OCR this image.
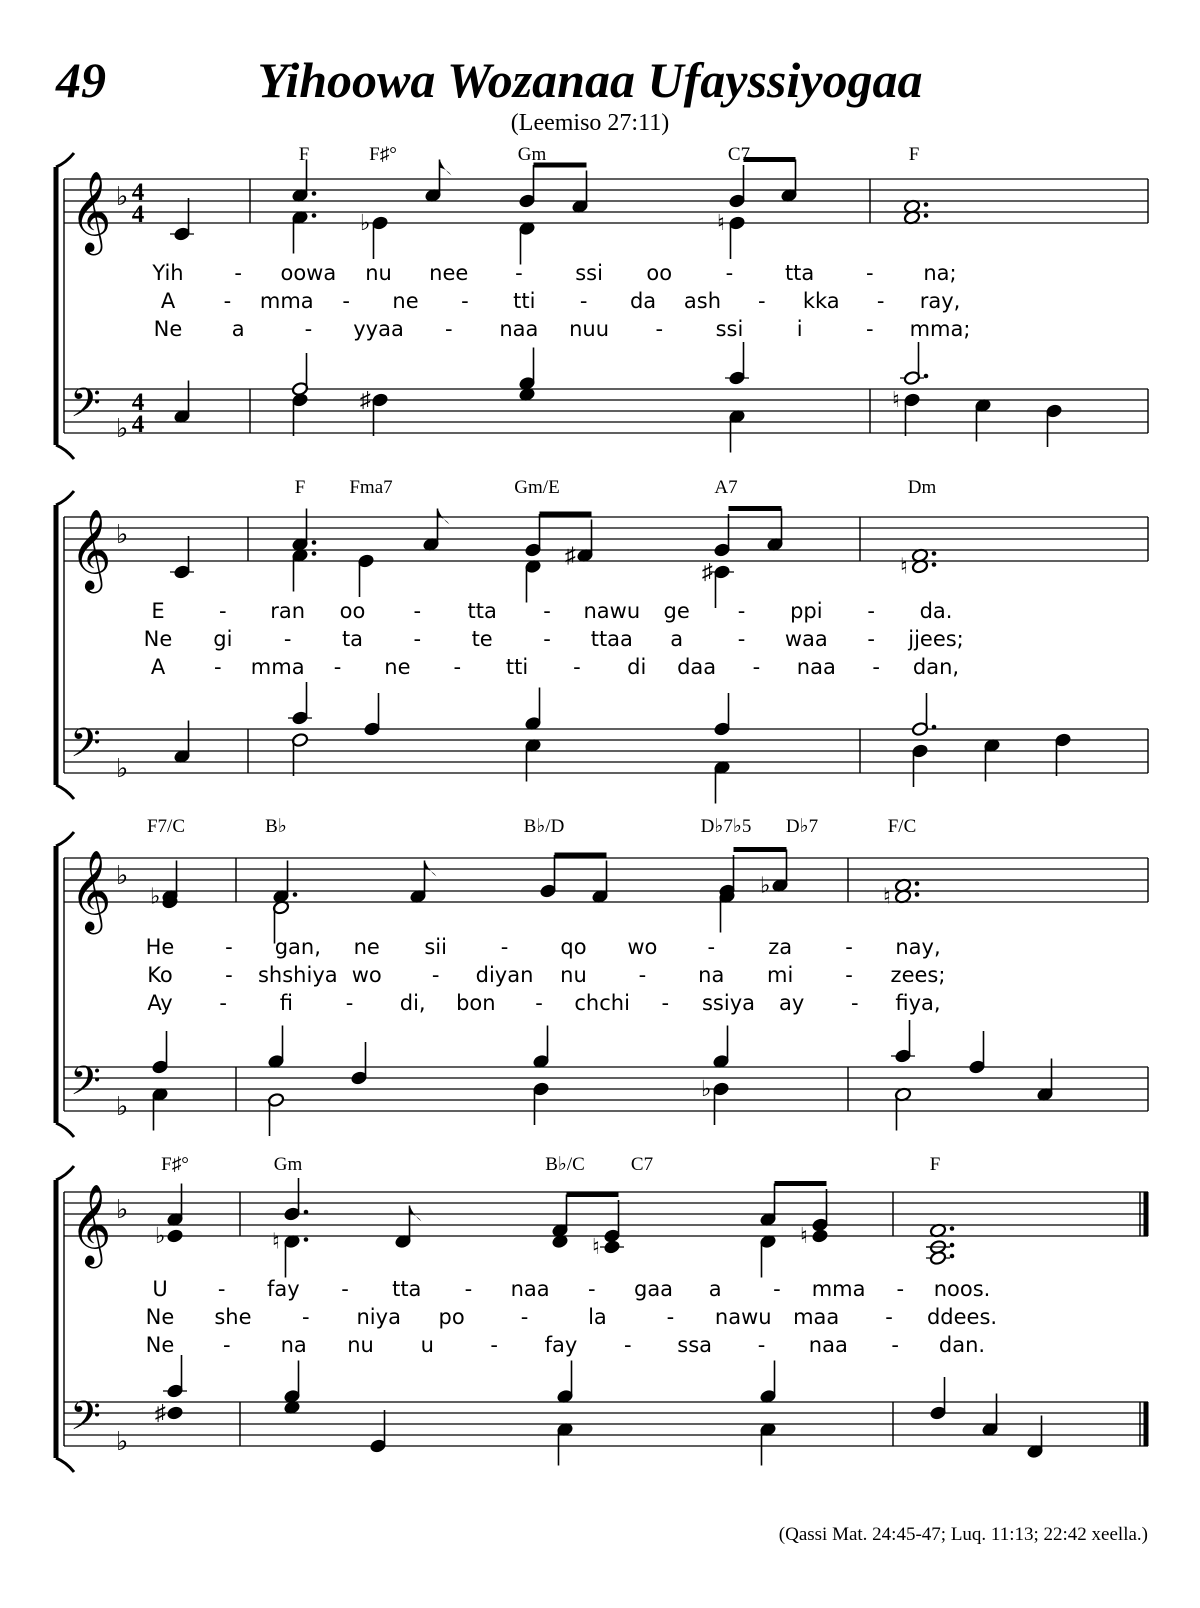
49	Yihoowa Wozanaa Ufayssiyogaa
(Leemiso 27:11)
(Qassi Mat. 24:45-47; Luq. 11:13; 22:42 xeella.)
𝄞
𝄢
♭
♭
4
4
4
4
F	F♯°	Gm	C7	F
♭	♮
♯	♮
Yih - oowa nu nee -	ssi oo	- tta - na;
A - mma - ne - tti - da ash - kka - ray,
Ne a	- yyaa - naa nuu -	ssi	i	- mma;
𝄞
𝄢
♭
♭
F Fma7	Gm/E	A7	Dm
♯
♯	♮
E	- ran oo - tta - nawu ge - ppi - da.
Ne gi - ta - te - ttaa a	- waa - jjees;
A - mma - ne - tti - di daa - naa - dan,
𝄞
𝄢
♭
♭
F7/C	B♭	B♭/D	D♭7♭5 D♭7	F/C
♭	♭	♮
♭
He - gan, ne sii	- qo wo -	za	- nay,
Ko - shshiya wo - diyan nu - na mi - zees;
Ay -	fi	- di, bon - chchi - ssiya ay - fiya,
𝄞
𝄢
♭
♭
F♯°	Gm	B♭/C C7	F
♭	♮	♮	♮
♯
U - fay - tta - naa - gaa a - mma - noos.
Ne she - niya po	-	la	- nawu maa - ddees.
Ne - na nu u	- fay - ssa - naa - dan.
